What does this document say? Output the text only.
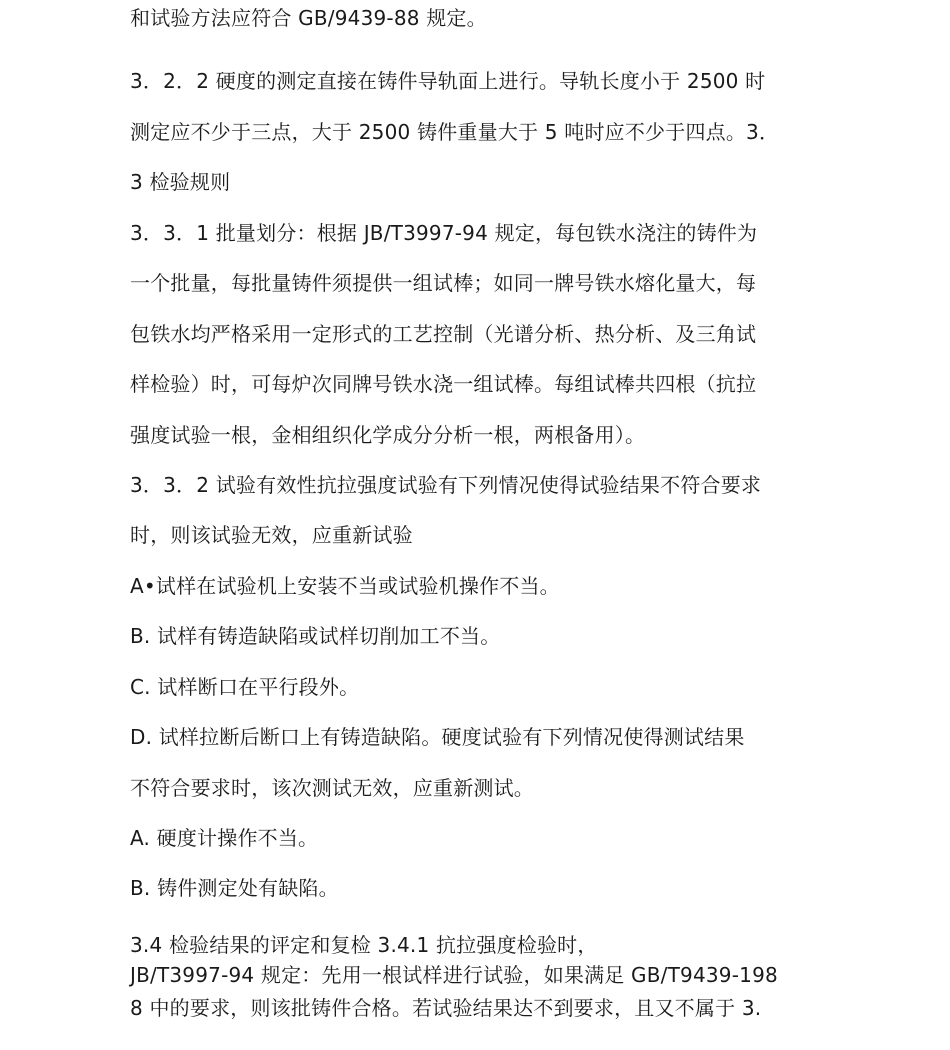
和试验方法应符合 GB/9439-88 规定。
3．2．2 硬度的测定直接在铸件导轨面上进行。导轨长度小于 2500 时
测定应不少于三点，大于 2500 铸件重量大于 5 吨时应不少于四点。3．
3 检验规则
3．3．1 批量划分：根据 JB/T3997-94 规定，每包铁水浇注的铸件为
一个批量，每批量铸件须提供一组试棒；如同一牌号铁水熔化量大，每
包铁水均严格采用一定形式的工艺控制（光谱分析、热分析、及三角试
样检验）时，可每炉次同牌号铁水浇一组试棒。每组试棒共四根（抗拉
强度试验一根，金相组织化学成分分析一根，两根备用）。
3．3．2 试验有效性抗拉强度试验有下列情况使得试验结果不符合要求
时，则该试验无效，应重新试验
A•试样在试验机上安装不当或试验机操作不当。
B. 试样有铸造缺陷或试样切削加工不当。
C. 试样断口在平行段外。
D. 试样拉断后断口上有铸造缺陷。硬度试验有下列情况使得测试结果
不符合要求时，该次测试无效，应重新测试。
A. 硬度计操作不当。
B. 铸件测定处有缺陷。
3.4 检验结果的评定和复检 3.4.1 抗拉强度检验时，
JB/T3997-94 规定：先用一根试样进行试验，如果满足 GB/T9439-198
8 中的要求，则该批铸件合格。若试验结果达不到要求，且又不属于 3.
